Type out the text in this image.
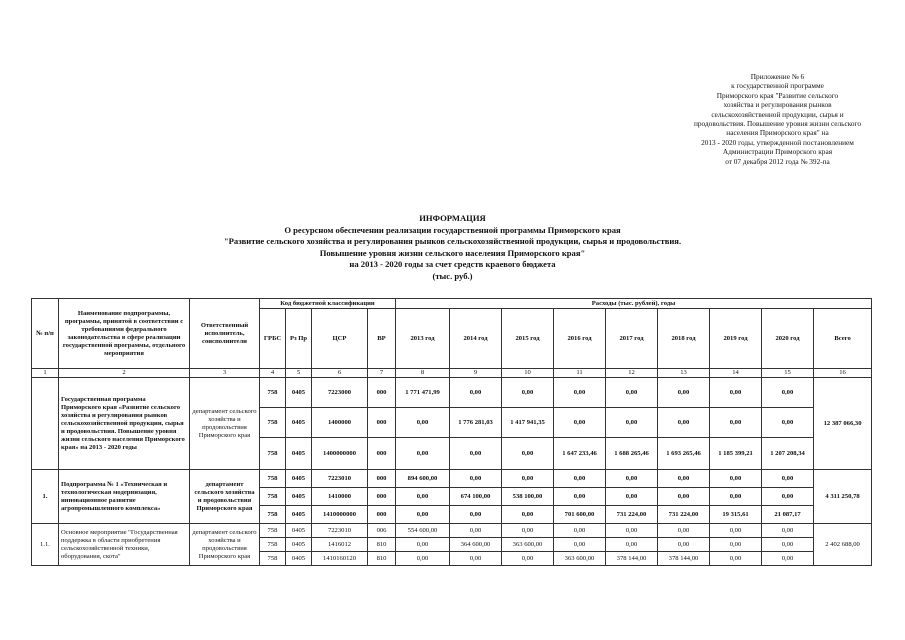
Приложение № 6
к государственной программе
Приморского края "Развитие сельского
хозяйства и регулирования рынков
сельскохозяйственной продукции, сырья и
продовольствия. Повышение уровня жизни сельского
населения Приморского края" на
2013 - 2020 годы, утвержденной постановлением
Администрации Приморского края
от 07 декабря 2012 года № 392-па
ИНФОРМАЦИЯ
О ресурсном обеспечении реализации государственной программы Приморского края
"Развитие сельского хозяйства и регулирования рынков сельскохозяйственной продукции, сырья и продовольствия.
Повышение уровня жизни сельского населения Приморского края"
на 2013 - 2020 годы за счет средств краевого бюджета
(тыс. руб.)
№ п/п	Наименование подпрограммы, программы, принятой в соответствии с требованиями федерального законодательства в сфере реализации государственной программы, отдельного мероприятия	Ответственный исполнитель, соисполнители	Код бюджетной классификации				Расходы (тыс. рублей), годы								
			ГРБС	Рз Пр	ЦСР	ВР	2013 год	2014 год	2015 год	2016 год	2017 год	2018 год	2019 год	2020 год	Всего
1	2	3	4	5	6	7	8	9	10	11	12	13	14	15	16
	Государственная программа Приморского края «Развитие сельского хозяйства и регулирования рынков сельскохозяйственной продукции, сырья и продовольствия. Повышение уровня жизни сельского населения Приморского края» на 2013 - 2020 годы	департамент сельского хозяйства и продовольствия Приморского края	758	0405	7223000	000	1 771 471,99	0,00	0,00	0,00	0,00	0,00	0,00	0,00	12 387 066,30
			758	0405	1400000	000	0,00	1 776 281,03	1 417 941,35	0,00	0,00	0,00	0,00	0,00	
			758	0405	1400000000	000	0,00	0,00	0,00	1 647 233,46	1 688 265,46	1 693 265,46	1 185 399,21	1 207 208,34	
1.	Подпрограмма № 1 «Техническая и технологическая модернизация, инновационное развитие агропромышленного комплекса»	департамент сельского хозяйства и продовольствия Приморского края	758	0405	7223010	000	894 600,00	0,00	0,00	0,00	0,00	0,00	0,00	0,00	4 311 250,78
			758	0405	1410000	000	0,00	674 100,00	538 100,00	0,00	0,00	0,00	0,00	0,00	
			758	0405	1410000000	000	0,00	0,00	0,00	701 600,00	731 224,00	731 224,00	19 315,61	21 087,17	
1.1.	Основное мероприятие "Государственная поддержка в области приобретения сельскохозяйственной техники, оборудования, скота"	департамент сельского хозяйства и продовольствия Приморского края	758	0405	7223010	006	554 600,00	0,00	0,00	0,00	0,00	0,00	0,00	0,00	2 402 688,00
			758	0405	1416012	810	0,00	364 600,00	363 600,00	0,00	0,00	0,00	0,00	0,00	
			758	0405	1410160120	810	0,00	0,00	0,00	363 600,00	378 144,00	378 144,00	0,00	0,00	
